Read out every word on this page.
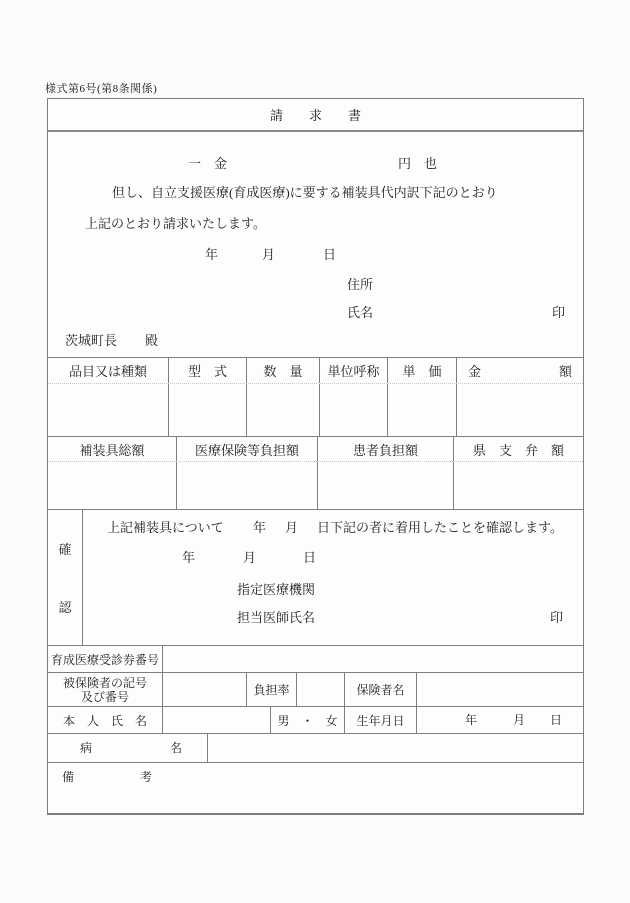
様式第6号(第8条関係)
請　　求　　書
一　金	円　也
但し、自立支援医療(育成医療)に要する補装具代内訳下記のとおり
上記のとおり請求いたします。
年	月	日
住所
氏名	印
茨城町長 殿
品目又は種類	型　式	数　量	単位呼称	単　価	金　　　　　　額
補装具総額	医療保険等負担額	患者負担額	県　支　弁　額
確
認
上記補装具について 年 月 日下記の者に着用したことを確認します。
年	月	日
指定医療機関
担当医師氏名	印
育成医療受診券番号
被保険者の記号
及び番号	負担率	保険者名
本　人　氏　名	男　・　女	生年月日	年	月 日
病	名
備	考
